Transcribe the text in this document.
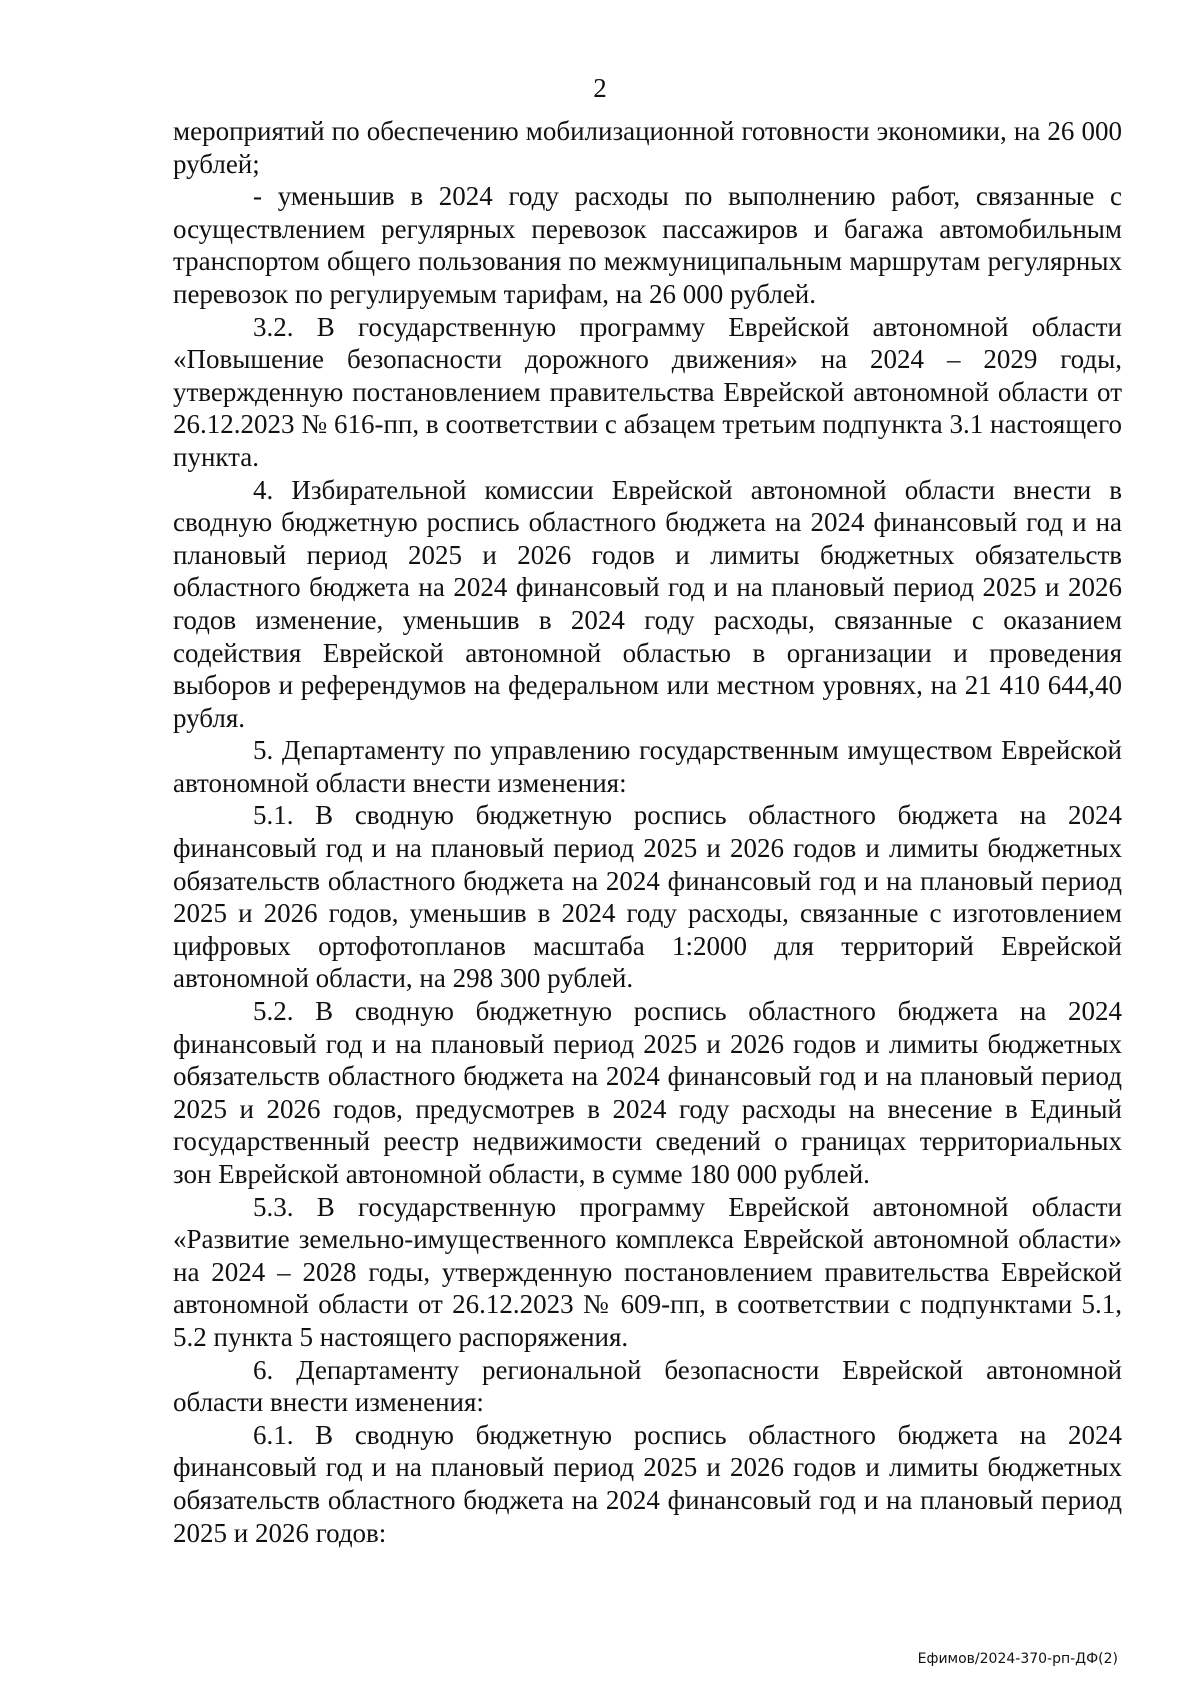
2

мероприятий по обеспечению мобилизационной готовности экономики, на 26 000 рублей;

- уменьшив в 2024 году расходы по выполнению работ, связанные с осуществлением регулярных перевозок пассажиров и багажа автомобильным транспортом общего пользования по межмуниципальным маршрутам регулярных перевозок по регулируемым тарифам, на 26 000 рублей.

3.2. В государственную программу Еврейской автономной области «Повышение безопасности дорожного движения» на 2024 – 2029 годы, утвержденную постановлением правительства Еврейской автономной области от 26.12.2023 № 616-пп, в соответствии с абзацем третьим подпункта 3.1 настоящего пункта.

4. Избирательной комиссии Еврейской автономной области внести в сводную бюджетную роспись областного бюджета на 2024 финансовый год и на плановый период 2025 и 2026 годов и лимиты бюджетных обязательств областного бюджета на 2024 финансовый год и на плановый период 2025 и 2026 годов изменение, уменьшив в 2024 году расходы, связанные с оказанием содействия Еврейской автономной областью в организации и проведения выборов и референдумов на федеральном или местном уровнях, на 21 410 644,40 рубля.

5. Департаменту по управлению государственным имуществом Еврейской автономной области внести изменения:

5.1. В сводную бюджетную роспись областного бюджета на 2024 финансовый год и на плановый период 2025 и 2026 годов и лимиты бюджетных обязательств областного бюджета на 2024 финансовый год и на плановый период 2025 и 2026 годов, уменьшив в 2024 году расходы, связанные с изготовлением цифровых ортофотопланов масштаба 1:2000 для территорий Еврейской автономной области, на 298 300 рублей.

5.2. В сводную бюджетную роспись областного бюджета на 2024 финансовый год и на плановый период 2025 и 2026 годов и лимиты бюджетных обязательств областного бюджета на 2024 финансовый год и на плановый период 2025 и 2026 годов, предусмотрев в 2024 году расходы на внесение в Единый государственный реестр недвижимости сведений о границах территориальных зон Еврейской автономной области, в сумме 180 000 рублей.

5.3. В государственную программу Еврейской автономной области «Развитие земельно-имущественного комплекса Еврейской автономной области» на 2024 – 2028 годы, утвержденную постановлением правительства Еврейской автономной области от 26.12.2023 № 609-пп, в соответствии с подпунктами 5.1, 5.2 пункта 5 настоящего распоряжения.

6. Департаменту региональной безопасности Еврейской автономной области внести изменения:

6.1. В сводную бюджетную роспись областного бюджета на 2024 финансовый год и на плановый период 2025 и 2026 годов и лимиты бюджетных обязательств областного бюджета на 2024 финансовый год и на плановый период 2025 и 2026 годов:

Ефимов/2024-370-рп-ДФ(2)
